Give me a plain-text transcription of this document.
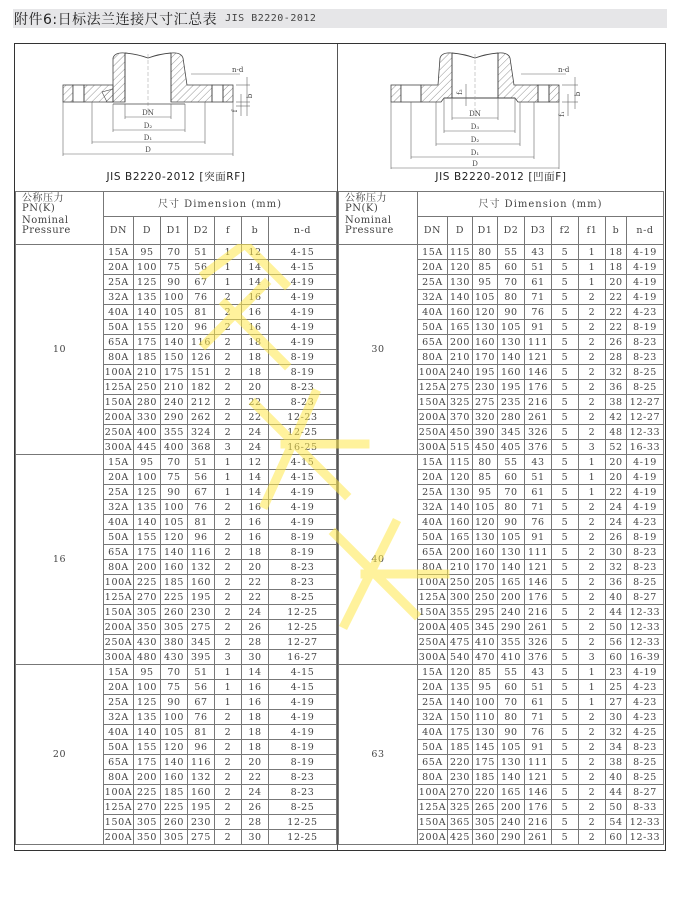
附件6:日标法兰连接尺寸汇总表 JIS B2220-2012
DN
D₂
D₁
D
n-d
b
f
JIS B2220-2012 [突面RF]
公称压力
PN(K)
Nominal
Pressure	尺寸 Dimension (mm)						
	DN	D	D1	D2	f	b	n-d
10	15A	95	70	51	1	12	4-15
	20A	100	75	56	1	14	4-15
	25A	125	90	67	1	14	4-19
	32A	135	100	76	2	16	4-19
	40A	140	105	81	2	16	4-19
	50A	155	120	96	2	16	4-19
	65A	175	140	116	2	18	4-19
	80A	185	150	126	2	18	8-19
	100A	210	175	151	2	18	8-19
	125A	250	210	182	2	20	8-23
	150A	280	240	212	2	22	8-23
	200A	330	290	262	2	22	12-23
	250A	400	355	324	2	24	12-25
	300A	445	400	368	3	24	16-25
16	15A	95	70	51	1	12	4-15
	20A	100	75	56	1	14	4-15
	25A	125	90	67	1	14	4-19
	32A	135	100	76	2	16	4-19
	40A	140	105	81	2	16	4-19
	50A	155	120	96	2	16	8-19
	65A	175	140	116	2	18	8-19
	80A	200	160	132	2	20	8-23
	100A	225	185	160	2	22	8-23
	125A	270	225	195	2	22	8-25
	150A	305	260	230	2	24	12-25
	200A	350	305	275	2	26	12-25
	250A	430	380	345	2	28	12-27
	300A	480	430	395	3	30	16-27
20	15A	95	70	51	1	14	4-15
	20A	100	75	56	1	16	4-15
	25A	125	90	67	1	16	4-19
	32A	135	100	76	2	18	4-19
	40A	140	105	81	2	18	4-19
	50A	155	120	96	2	18	8-19
	65A	175	140	116	2	20	8-19
	80A	200	160	132	2	22	8-23
	100A	225	185	160	2	24	8-23
	125A	270	225	195	2	26	8-25
	150A	305	260	230	2	28	12-25
	200A	350	305	275	2	30	12-25
DN
D₃
D₂
D₁
D
n-d
b
f₁
f₂
JIS B2220-2012 [凹面F]
公称压力
PN(K)
Nominal
Pressure	尺寸 Dimension (mm)								
	DN	D	D1	D2	D3	f2	f1	b	n-d
30	15A	115	80	55	43	5	1	18	4-19
	20A	120	85	60	51	5	1	18	4-19
	25A	130	95	70	61	5	1	20	4-19
	32A	140	105	80	71	5	2	22	4-19
	40A	160	120	90	76	5	2	22	4-23
	50A	165	130	105	91	5	2	22	8-19
	65A	200	160	130	111	5	2	26	8-23
	80A	210	170	140	121	5	2	28	8-23
	100A	240	195	160	146	5	2	32	8-25
	125A	275	230	195	176	5	2	36	8-25
	150A	325	275	235	216	5	2	38	12-27
	200A	370	320	280	261	5	2	42	12-27
	250A	450	390	345	326	5	2	48	12-33
	300A	515	450	405	376	5	3	52	16-33
40	15A	115	80	55	43	5	1	20	4-19
	20A	120	85	60	51	5	1	20	4-19
	25A	130	95	70	61	5	1	22	4-19
	32A	140	105	80	71	5	2	24	4-19
	40A	160	120	90	76	5	2	24	4-23
	50A	165	130	105	91	5	2	26	8-19
	65A	200	160	130	111	5	2	30	8-23
	80A	210	170	140	121	5	2	32	8-23
	100A	250	205	165	146	5	2	36	8-25
	125A	300	250	200	176	5	2	40	8-27
	150A	355	295	240	216	5	2	44	12-33
	200A	405	345	290	261	5	2	50	12-33
	250A	475	410	355	326	5	2	56	12-33
	300A	540	470	410	376	5	3	60	16-39
63	15A	120	85	55	43	5	1	23	4-19
	20A	135	95	60	51	5	1	25	4-23
	25A	140	100	70	61	5	1	27	4-23
	32A	150	110	80	71	5	2	30	4-23
	40A	175	130	90	76	5	2	32	4-25
	50A	185	145	105	91	5	2	34	8-23
	65A	220	175	130	111	5	2	38	8-25
	80A	230	185	140	121	5	2	40	8-25
	100A	270	220	165	146	5	2	44	8-27
	125A	325	265	200	176	5	2	50	8-33
	150A	365	305	240	216	5	2	54	12-33
	200A	425	360	290	261	5	2	60	12-33
